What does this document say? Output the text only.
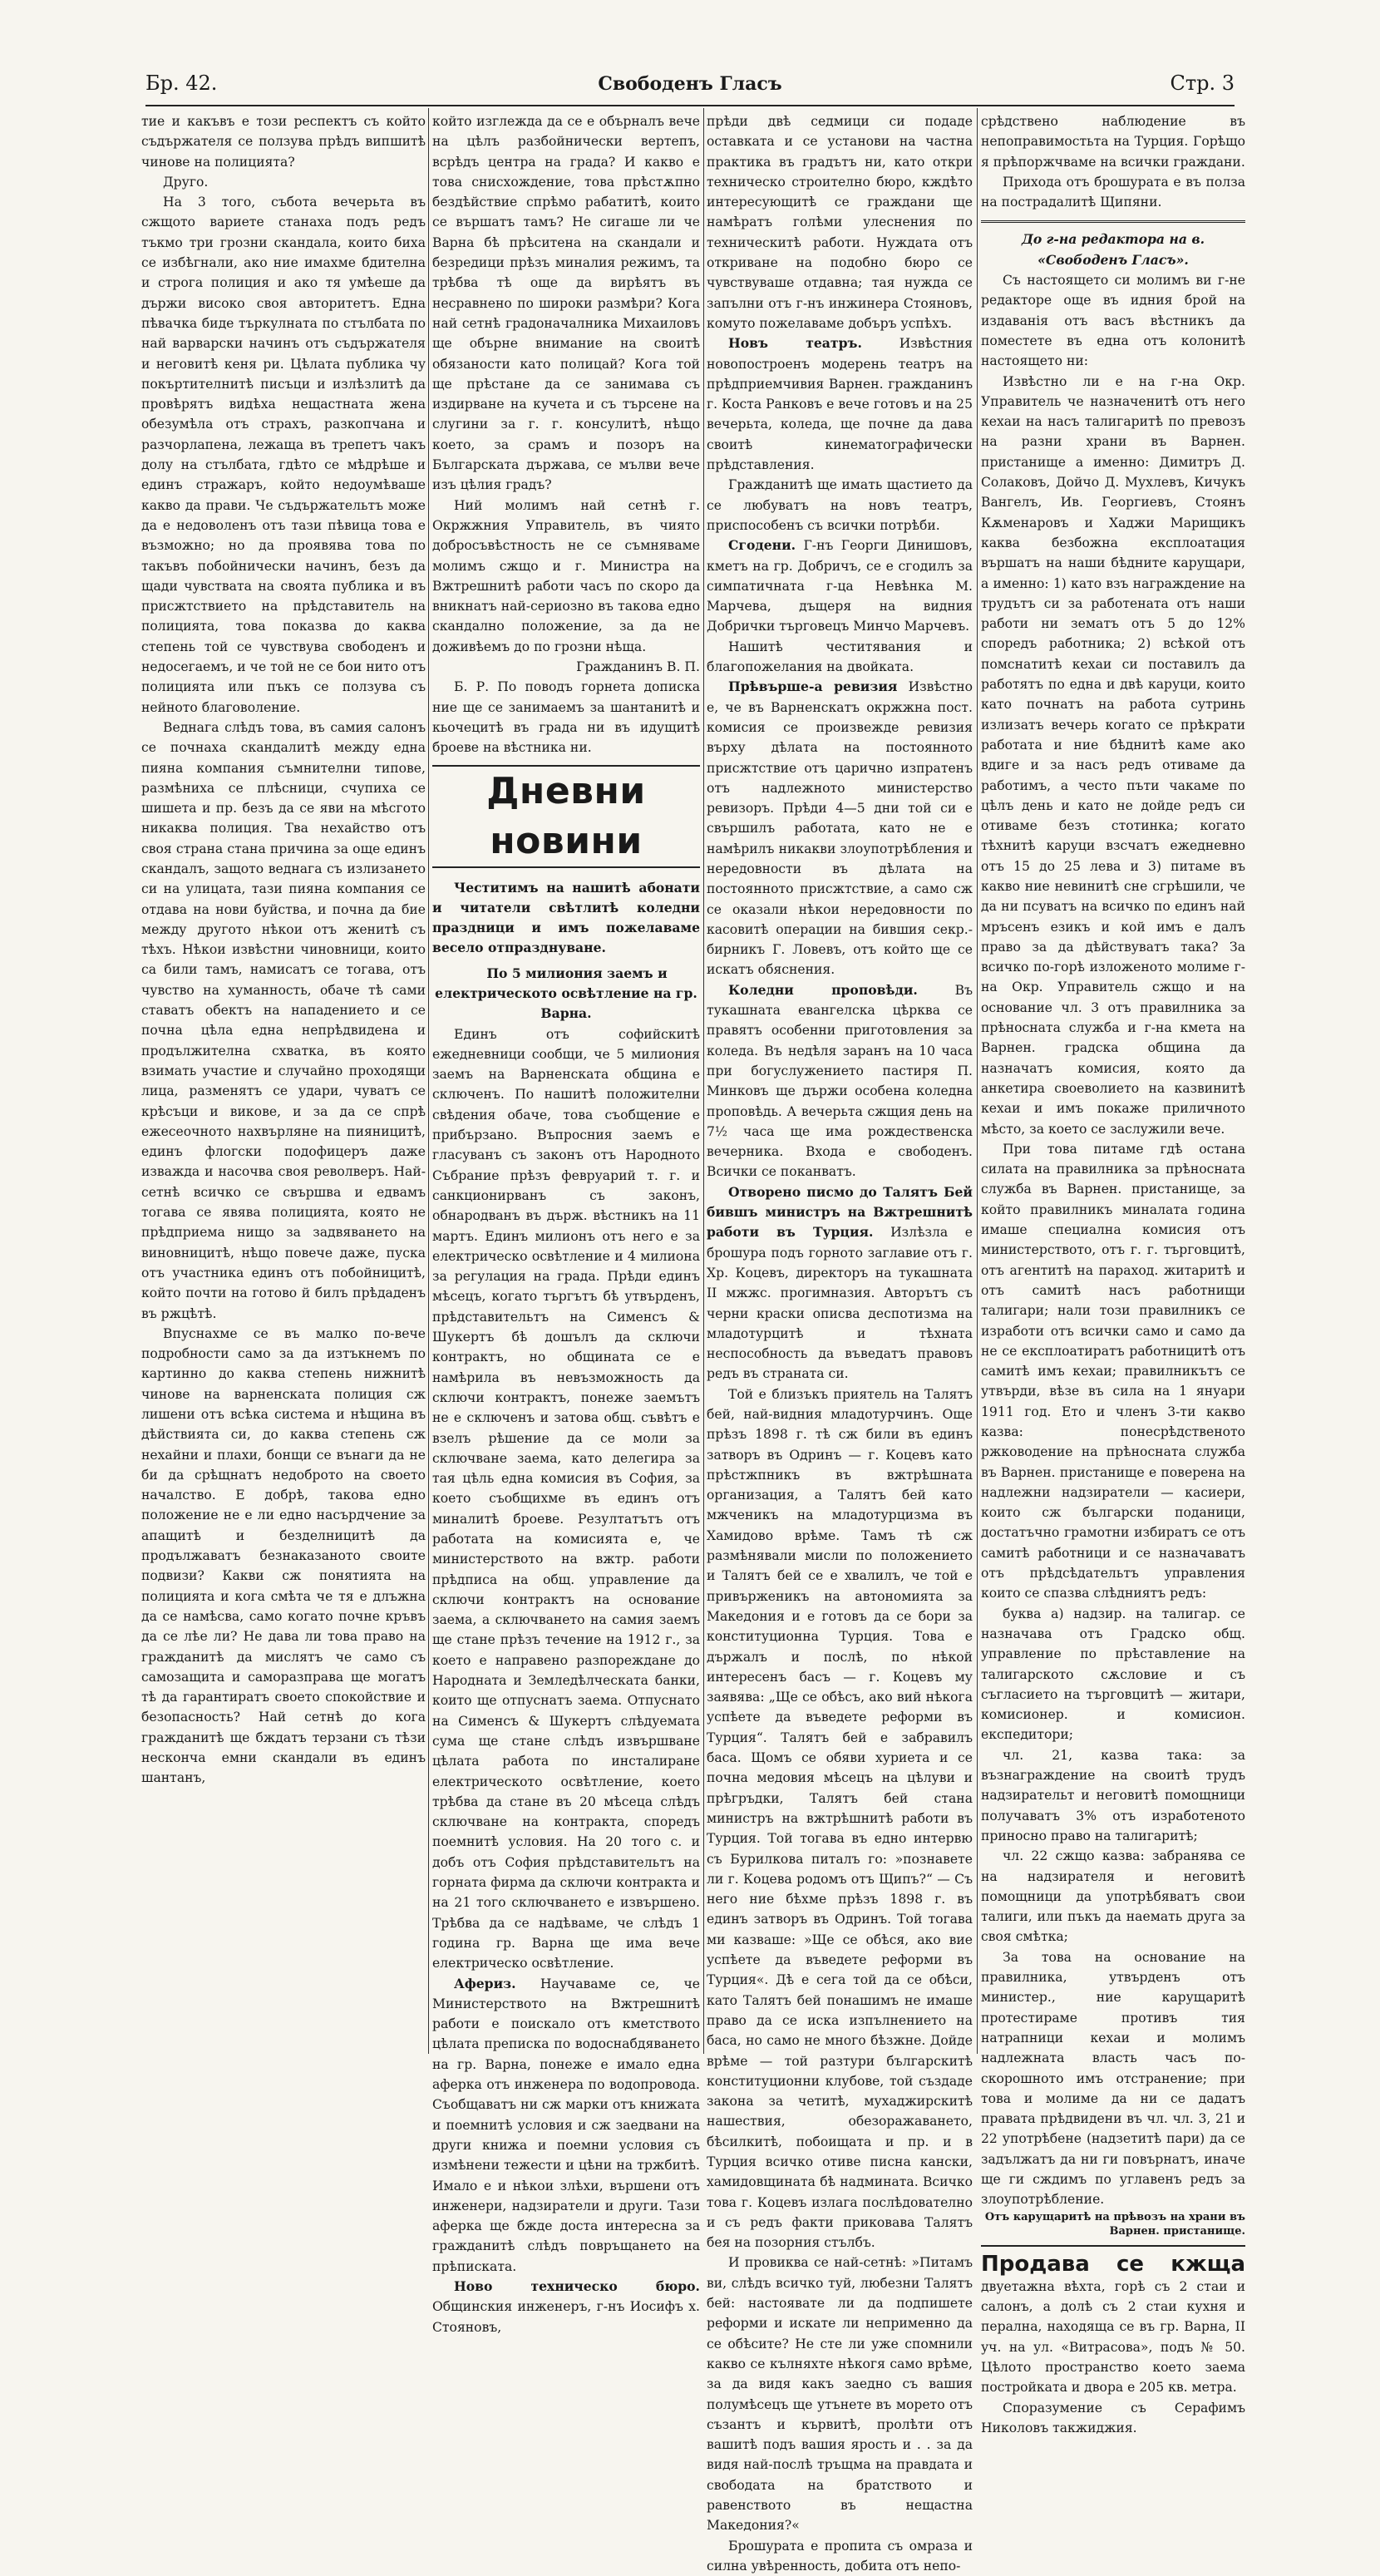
Бр. 42.	Свободенъ Гласъ	Стр. 3

тие и какъвъ е този респектъ съ който съдържателя се ползува прѣдъ випшитѣ чинове на полицията?

Друго.

На 3 того, събота вечерьта въ сжщото вариете станаха подъ редъ тъкмо три грозни скандала, които биха се избѣгнали, ако ние имахме бдителна и строга полиция и ако тя умѣеше да държи високо своя авторитетъ. Една пѣвачка биде търкулната по стълбата по най варварски начинъ отъ съдържателя и неговитѣ кеня ри. Цѣлата публика чу покъртителнитѣ писъци и излѣзлитѣ да провѣрятъ видѣха нещастната жена обезумѣла отъ страхъ, разкопчана и разчорлапена, лежаща въ трепетъ чакъ долу на стълбата, гдѣто се мѣдрѣше и единъ стражаръ, който недоумѣваше какво да прави. Че съдържательтъ може да е недоволенъ отъ тази пѣвица това е възможно; но да проявява това по такъвъ побойнически начинъ, безъ да щади чувствата на своята публика и въ присжтствието на прѣдставитель на полицията, това показва до каква степень той се чувствува свободенъ и недосегаемъ, и че той не се бои нито отъ полицията или пъкъ се ползува съ нейното благоволение.

Веднага слѣдъ това, въ самия салонъ се почнаха скандалитѣ между една пияна компания съмнителни типове, размѣниха се плѣсници, счупиха се шишета и пр. безъ да се яви на мѣсгото никаква полиция. Тва нехайство отъ своя страна стана причина за още единъ скандалъ, защото веднага съ излизането си на улицата, тази пияна компания се отдава на нови буйства, и почна да бие между другото нѣкои отъ женитѣ съ тѣхъ. Нѣкои извѣстни чиновници, които са били тамъ, намисатъ се тогава, отъ чувство на хуманность, обаче тѣ сами ставатъ обектъ на нападението и се почна цѣла една непрѣдвидена и продължителна схватка, въ която взимать участие и случайно проходящи лица, разменятъ се удари, чуватъ се крѣсъци и викове, и за да се спрѣ ежесеочното нахвърляне на пияницитѣ, единъ флогски подофицеръ даже изважда и насочва своя револверъ. Най-сетнѣ всичко се свършва и едвамъ тогава се явява полицията, която не прѣдприема нищо за задвяването на виновницитѣ, нѣщо повече даже, пуска отъ участника единъ отъ побойницитѣ, който почти на готово й билъ прѣдаденъ въ ржцѣтѣ.

Впуснахме се въ малко по-вече подробности само за да изтъкнемъ по картинно до каква степень нижнитѣ чинове на варненската полиция сж лишени отъ всѣка система и нѣщина въ дѣйствията си, до каква степень сж нехайни и плахи, бонщи се вънаги да не би да срѣщнатъ недоброто на своето началство. Е добрѣ, такова едно положение не е ли едно насърдчение за апащитѣ и безделницитѣ да продължаватъ безнаказаното своите подвизи? Какви сж понятията на полицията и кога смѣта че тя е длъжна да се намѣсва, само когато почне кръвъ да се лѣе ли? Не дава ли това право на гражданитѣ да мислятъ че само съ самозащита и саморазправа ще могатъ тѣ да гарантиратъ своето спокойствие и безопасность? Най сетнѣ до кога гражданитѣ ще бждатъ терзани съ тѣзи несконча емни скандали въ единъ шантанъ,

който изглежда да се е обърналъ вече на цѣлъ разбойнически вертепъ, всрѣдъ центра на града? И какво е това снисхождение, това прѣстѫпно бездѣйствие спрѣмо рабатитѣ, които се вършатъ тамъ? Не сигаше ли че Варна бѣ прѣситена на скандали и безредици прѣзъ миналия режимъ, та трѣбва тѣ още да вирѣятъ въ несравнено по широки размѣри? Кога най сетнѣ градоначалника Михаиловъ ще обърне внимание на своитѣ обязаности като полицай? Кога той ще прѣстане да се занимава съ издирване на кучета и съ търсене на слугини за г. г. консулитѣ, нѣщо което, за срамъ и позоръ на Българската държава, се мълви вече изъ цѣлия градъ?

Ний молимъ най сетнѣ г. Окржжния Управитель, въ чиято добросъвѣстность не се съмняваме молимъ сжщо и г. Министра на Вжтрешнитѣ работи часъ по скоро да вникнатъ най-сериозно въ такова едно скандално положение, за да не доживѣемъ до по грозни нѣща.

Гражданинъ В. П.

Б. Р. По поводъ горнета дописка ние ще се занимаемъ за шантанитѣ и кьочецитѣ въ града ни въ идущитѣ броеве на вѣстника ни.

Дневни новини

Честитимъ на нашитѣ абонати и читатели свѣтлитѣ коледни праздници и имъ пожелаваме весело отпразднуване.

По 5 милиония заемъ и електрическото освѣтление на гр. Варна.

Единъ отъ софийскитѣ ежедневници сообщи, че 5 милиония заемъ на Варненската община е сключенъ. По нашитѣ положителни свѣдения обаче, това съобщение е прибързано. Въпросния заемъ е гласуванъ съ законъ отъ Народното Събрание прѣзъ февруарий т. г. и санкционирванъ съ законъ, обнародванъ въ държ. вѣстникъ на 11 мартъ. Единъ милионъ отъ него е за електрическо освѣтление и 4 милиона за регулация на града. Прѣди единъ мѣсецъ, когато търгътъ бѣ утвърденъ, прѣдставительтъ на Сименсъ & Шукертъ бѣ дошълъ да сключи контрактъ, но общината се е намѣрила въ невъзможность да сключи контрактъ, понеже заемътъ не е сключенъ и затова общ. съвѣтъ е взелъ рѣшение да се моли за сключване заема, като делегира за тая цѣль една комисия въ София, за което съобщихме въ единъ отъ миналитѣ броеве. Резултатътъ отъ работата на комисията е, че министерството на вжтр. работи прѣдписа на общ. управление да сключи контрактъ на основание заема, а сключването на самия заемъ ще стане прѣзъ течение на 1912 г., за което е направено разпореждане до Народната и Земледѣлческата банки, които ще отпуснатъ заема. Отпуснато на Сименсъ & Шукертъ слѣдуемата сума ще стане слѣдъ извършване цѣлата работа по инсталиране електрическото освѣтление, което трѣбва да стане въ 20 мѣсеца слѣдъ сключване на контракта, споредъ поемнитѣ условия. На 20 того с. и добъ отъ София прѣдставительтъ на горната фирма да сключи контракта и на 21 того сключването е извършено. Трѣбва да се надѣваме, че слѣдъ 1 година гр. Варна ще има вече електрическо освѣтление.

Афериз. Научаваме се, че Министерството на Вжтрешнитѣ работи е поискало отъ кметството цѣлата преписка по водоснабдяването на гр. Варна, понеже е имало една аферка отъ инженера по водопровода. Съобщаватъ ни сж марки отъ книжата и поемнитѣ условия и сж заедвани на други книжа и поемни условия съ измѣнени тежести и цѣни на тржбитѣ. Имало е и нѣкои злѣхи, вършени отъ инженери, надзиратели и други. Тази аферка ще бжде доста интересна за гражданитѣ слѣдъ повръщането на прѣписката.

Ново техническо бюро. Общинския инженеръ, г-нъ Иосифъ х. Стояновъ,

прѣди двѣ седмици си подаде оставката и се установи на частна практика въ градътъ ни, като откри техническо строително бюро, кждѣто интересующитѣ се граждани ще намѣратъ голѣми улеснения по техническитѣ работи. Нуждата отъ откриване на подобно бюро се чувствуваше отдавна; тая нужда се запълни отъ г-нъ инжинера Стояновъ, комуто пожелаваме добъръ успѣхъ.

Новъ театръ.	Извѣстния новопостроенъ модерень театръ на прѣдприемчивия Варнен. гражданинъ г. Коста Ранковъ е вече готовъ и на 25 вечерьта, коледа, ще почне да дава своитѣ кинематографически прѣдставления.

Гражданитѣ ще имать щастието да се любуватъ на новъ театръ, приспособенъ съ всички потрѣби.

Сгодени. Г-нъ Георги Динишовъ, кметъ на гр. Добричъ, се е сгодилъ за симпатичната г-ца Невѣнка М. Марчева, дъщеря на видния Добрички търговецъ Минчо Марчевъ.

Нашитѣ честитявания и благопожелания на двойката.

Прѣвърше-а ревизия Извѣстно е, че въ Варненскатъ окржжна пост. комисия се произвежде ревизия върху дѣлата на постоянното присжтствие отъ царично изпратенъ отъ надлежното министерство ревизоръ. Прѣди 4—5 дни той си е свършилъ работата, като не е намѣрилъ никакви злоупотрѣбления и нередовности въ дѣлата на постоянното присжтствие, а само сж се оказали нѣкои нередовности по касовитѣ операции на бившия секр.-бирникъ Г. Ловевъ, отъ който ще се искатъ обяснения.

Коледни проповѣди.	Въ тукашната евангелска цѣрква се правятъ особенни приготовления за коледа. Въ недѣля заранъ на 10 часа при богуслужението пастиря П. Минковъ ще държи особена коледна проповѣдь. А вечерьта сжщия день на 7½ часа ще има рождественска вечерника. Входа е свободенъ. Всички се поканватъ.

Отворено писмо до Талятъ Бей бившъ министръ на Вжтрешнитѣ работи въ Турция. Излѣзла е брошура подъ горното заглавие отъ г. Хр. Коцевъ, директоръ на тукашната II мжжс. прогимназия. Авторътъ съ черни краски описва деспотизма на младотурцитѣ и тѣхната неспособность да въведатъ правовъ редъ въ страната си.

Той е близъкъ приятель на Талятъ бей, най-видния младотурчинъ. Още прѣзъ 1898 г. тѣ сж били въ единъ затворъ въ Одринъ — г. Коцевъ като прѣстжпникъ въ вжтрѣшната организация, а Талятъ бей като мжченикъ на младотурцизма въ Хамидово врѣме. Тамъ тѣ сж размѣнявали мисли по положението и Талятъ бей се е хвалилъ, че той е привърженикъ на автономията за Македония и е готовъ да се бори за конституционна Турция. Това е държалъ и послѣ, по нѣкой интересенъ басъ — г. Коцевъ му заявява: „Ще се обѣсъ, ако вий нѣкога успѣете да въведете реформи въ Турция“. Талятъ бей е забравилъ баса. Щомъ се обяви хуриета и се почна медовия мѣсецъ на цѣлуви и прѣгръдки, Талятъ бей стана министръ на вжтрѣшнитѣ работи въ Турция. Той тогава въ едно интервю съ Бурилкова питалъ го: »познавете ли г. Коцева родомъ отъ Щипъ?“ — Съ него ние бѣхме прѣзъ 1898 г. въ единъ затворъ въ Одринъ. Той тогава ми казваше: »Ще се обѣся, ако вие успѣете да въведете реформи въ Турция«. Дѣ е сега той да се обѣси, като Талятъ бей понашимъ не имаше право да се иска изпълнението на баса, но само не много бѣзжне. Дойде врѣме — той разтури българскитѣ конституционни клубове, той създаде закона за четитѣ, мухаджирскитѣ нашествия, обезоражаването, бѣсилкитѣ, побоищата и пр. и в Турция всичко отиве писна кански, хамидовщината бѣ надмината. Всичко това г. Коцевъ излага послѣдователно и съ редъ факти приковава Талятъ бея на позорния стълбъ.

И провиква се най-сетнѣ: »Питамъ ви, слѣдъ всичко туй, любезни Талятъ бей: настоявате ли да подпишете реформи и искате ли неприменно да се обѣсите? Не сте ли уже спомнили какво се кълняхте нѣкогя само врѣме, за да видя какъ заедно съ вашия полумѣсецъ ще утънете въ морето отъ съзантъ и кървитѣ, пролѣти отъ вашитѣ подъ вашия ярость и . . за да видя най-послѣ тръщма на правдата и свободата на братството и равенството въ нещастна Македония?«

Брошурата е пропита съ омраза и силна увѣренность, добита отъ непо-

срѣдствено наблюдение въ непоправимостьта на Турция. Горѣщо я прѣпоржчваме на всички граждани.

Прихода отъ брошурата е въ полза на пострадалитѣ Щипяни.

До г-на редактора на в. «Свободенъ Гласъ».

Съ настоящето си молимъ ви г-не редакторе още въ идния брой на издаванія отъ васъ вѣстникъ да поместете въ една отъ колонитѣ настоящето ни:

Извѣстно ли е на г-на Окр. Управитель че назначенитѣ отъ него кехаи на насъ талигаритѣ по превозъ на разни храни въ Варнен. пристанище а именно: Димитръ Д. Солаковъ, Дойчо Д. Мухлевъ, Кичукъ Вангелъ, Ив. Георгиевъ, Стоянъ Кѫменаровъ и Хаджи Марищикъ каква безбожна експлоатация вършатъ на наши бѣдните карущари, а именно: 1) като взъ награждение на трудътъ си за работената отъ наши работи ни зематъ отъ 5 до 12% споредъ работника; 2) всѣкой отъ помснатитѣ кехаи си поставилъ да работятъ по една и двѣ каруци, които като почнатъ на работа сутринь излизатъ вечерь когато се прѣкрати работата и ние бѣднитѣ каме ако вдиге и за насъ редъ отиваме да работимъ, а често пъти чакаме по цѣлъ день и като не дойде редъ си отиваме безъ стотинка; когато тѣхнитѣ каруци взсчатъ ежедневно отъ 15 до 25 лева и 3) питаме въ какво ние невинитѣ сне сгрѣшили, че да ни псуватъ на всичко по единъ най мръсенъ езикъ и кой имъ е далъ право за да дѣйствуватъ така? За всичко по-горѣ изложеното молиме г-на Окр. Управитель сжщо и на основание чл. 3 отъ правилника за прѣносната служба и г-на кмета на Варнен. градска община да назначатъ комисия, която да анкетира своеволието на казвинитѣ кехаи и имъ покаже приличното мѣсто, за което се заслужили вече.

При това питаме гдѣ остана силата на правилника за прѣносната служба въ Варнен. пристанище, за който правилникъ миналата година имаше специална комисия отъ министерството, отъ г. г. търговцитѣ, отъ агентитѣ на параход. житаритѣ и отъ самитѣ насъ работнищи талигари; нали този правилникъ се изработи отъ всички само и само да не се експлоатиратъ работницитѣ отъ самитѣ имъ кехаи; правилникътъ се утвърди, вѣзе въ сила на 1 януари 1911 год. Ето и членъ 3-ти какво казва: понесрѣдственото ржководение на прѣносната служба въ Варнен. пристанище е поверена на надлежни надзиратели — касиери, които сж български поданици, достатъчно грамотни избиратъ се отъ самитѣ работници и се назначаватъ отъ прѣдсѣдательтъ управления които се спазва слѣдниятъ редъ:

буква а) надзир. на талигар. се назначава отъ Градско общ. управление по прѣставление на талигарското сѫсловие и съ съгласието на търговцитѣ — житари, комисионер. и комисион. експедитори;

чл. 21, казва така: за възнаграждение на своитѣ трудъ надзирательт и неговитѣ помощници получаватъ 3% отъ изработеното приносно право на талигаритѣ;

чл. 22 сжщо казва: забранява се на надзирателя и неговитѣ помощници да употрѣбяватъ свои талиги, или пъкъ да наемать друга за своя смѣтка;

За това на основание на правилника, утвърденъ отъ министер., ние карущаритѣ протестираме противъ тия натрапници кехаи и молимъ надлежната власть часъ по-скорошното имъ отстранение; при това и молиме да ни се дадатъ правата прѣдвидени въ чл. чл. 3, 21 и 22 употрѣбене (надзетитѣ пари) да се задължатъ да ни ги повърнатъ, иначе ще ги сждимъ по углавенъ редъ за злоупотрѣбление.

Отъ карущаритѣ на прѣвозъ на храни въ Варнен. пристанище.

Продава се кжща двуетажна вѣхта, горѣ съ 2 стаи и салонъ, а долѣ съ 2 стаи кухня и перална, находяща се въ гр. Варна, II уч. на ул. «Витрасова», подъ № 50. Цѣлото пространство което заема постройката и двора е 205 кв. метра.

Споразумение съ Серафимъ Николовъ такжиджия.
